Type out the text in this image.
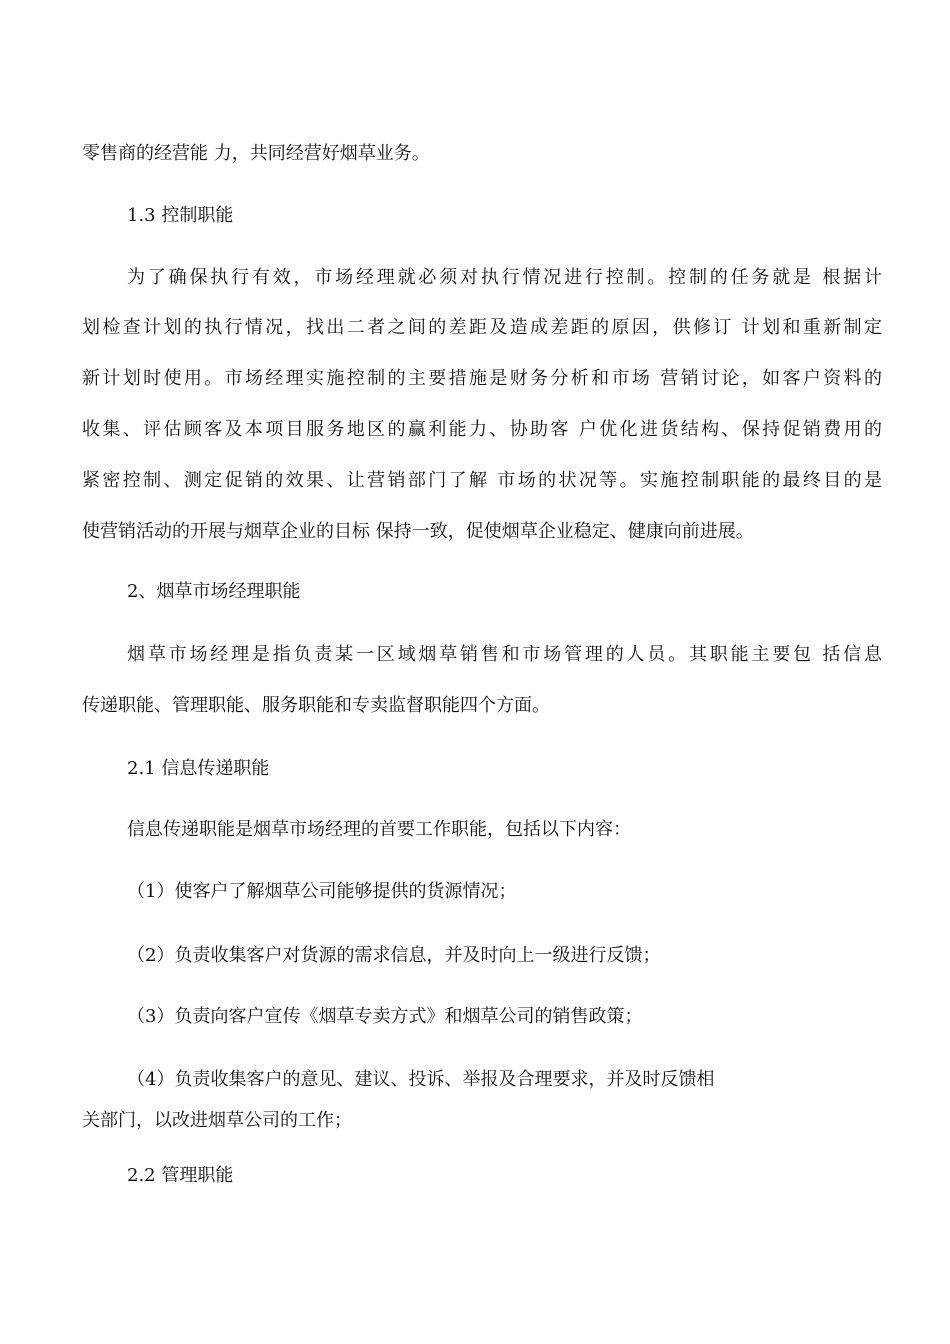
零售商的经营能 力，共同经营好烟草业务。
1.3 控制职能
为了确保执行有效，市场经理就必须对执行情况进行控制。控制的任务就是 根据计
划检查计划的执行情况，找出二者之间的差距及造成差距的原因，供修订 计划和重新制定
新计划时使用。市场经理实施控制的主要措施是财务分析和市场 营销讨论，如客户资料的
收集、评估顾客及本项目服务地区的赢利能力、协助客 户优化进货结构、保持促销费用的
紧密控制、测定促销的效果、让营销部门了解 市场的状况等。实施控制职能的最终目的是
使营销活动的开展与烟草企业的目标 保持一致，促使烟草企业稳定、健康向前进展。
2、烟草市场经理职能
烟草市场经理是指负责某一区域烟草销售和市场管理的人员。其职能主要包 括信息
传递职能、管理职能、服务职能和专卖监督职能四个方面。
2.1 信息传递职能
信息传递职能是烟草市场经理的首要工作职能，包括以下内容：
（1）使客户了解烟草公司能够提供的货源情况；
（2）负责收集客户对货源的需求信息，并及时向上一级进行反馈；
（3）负责向客户宣传《烟草专卖方式》和烟草公司的销售政策；
（4）负责收集客户的意见、建议、投诉、举报及合理要求，并及时反馈相
关部门，以改进烟草公司的工作；
2.2 管理职能
